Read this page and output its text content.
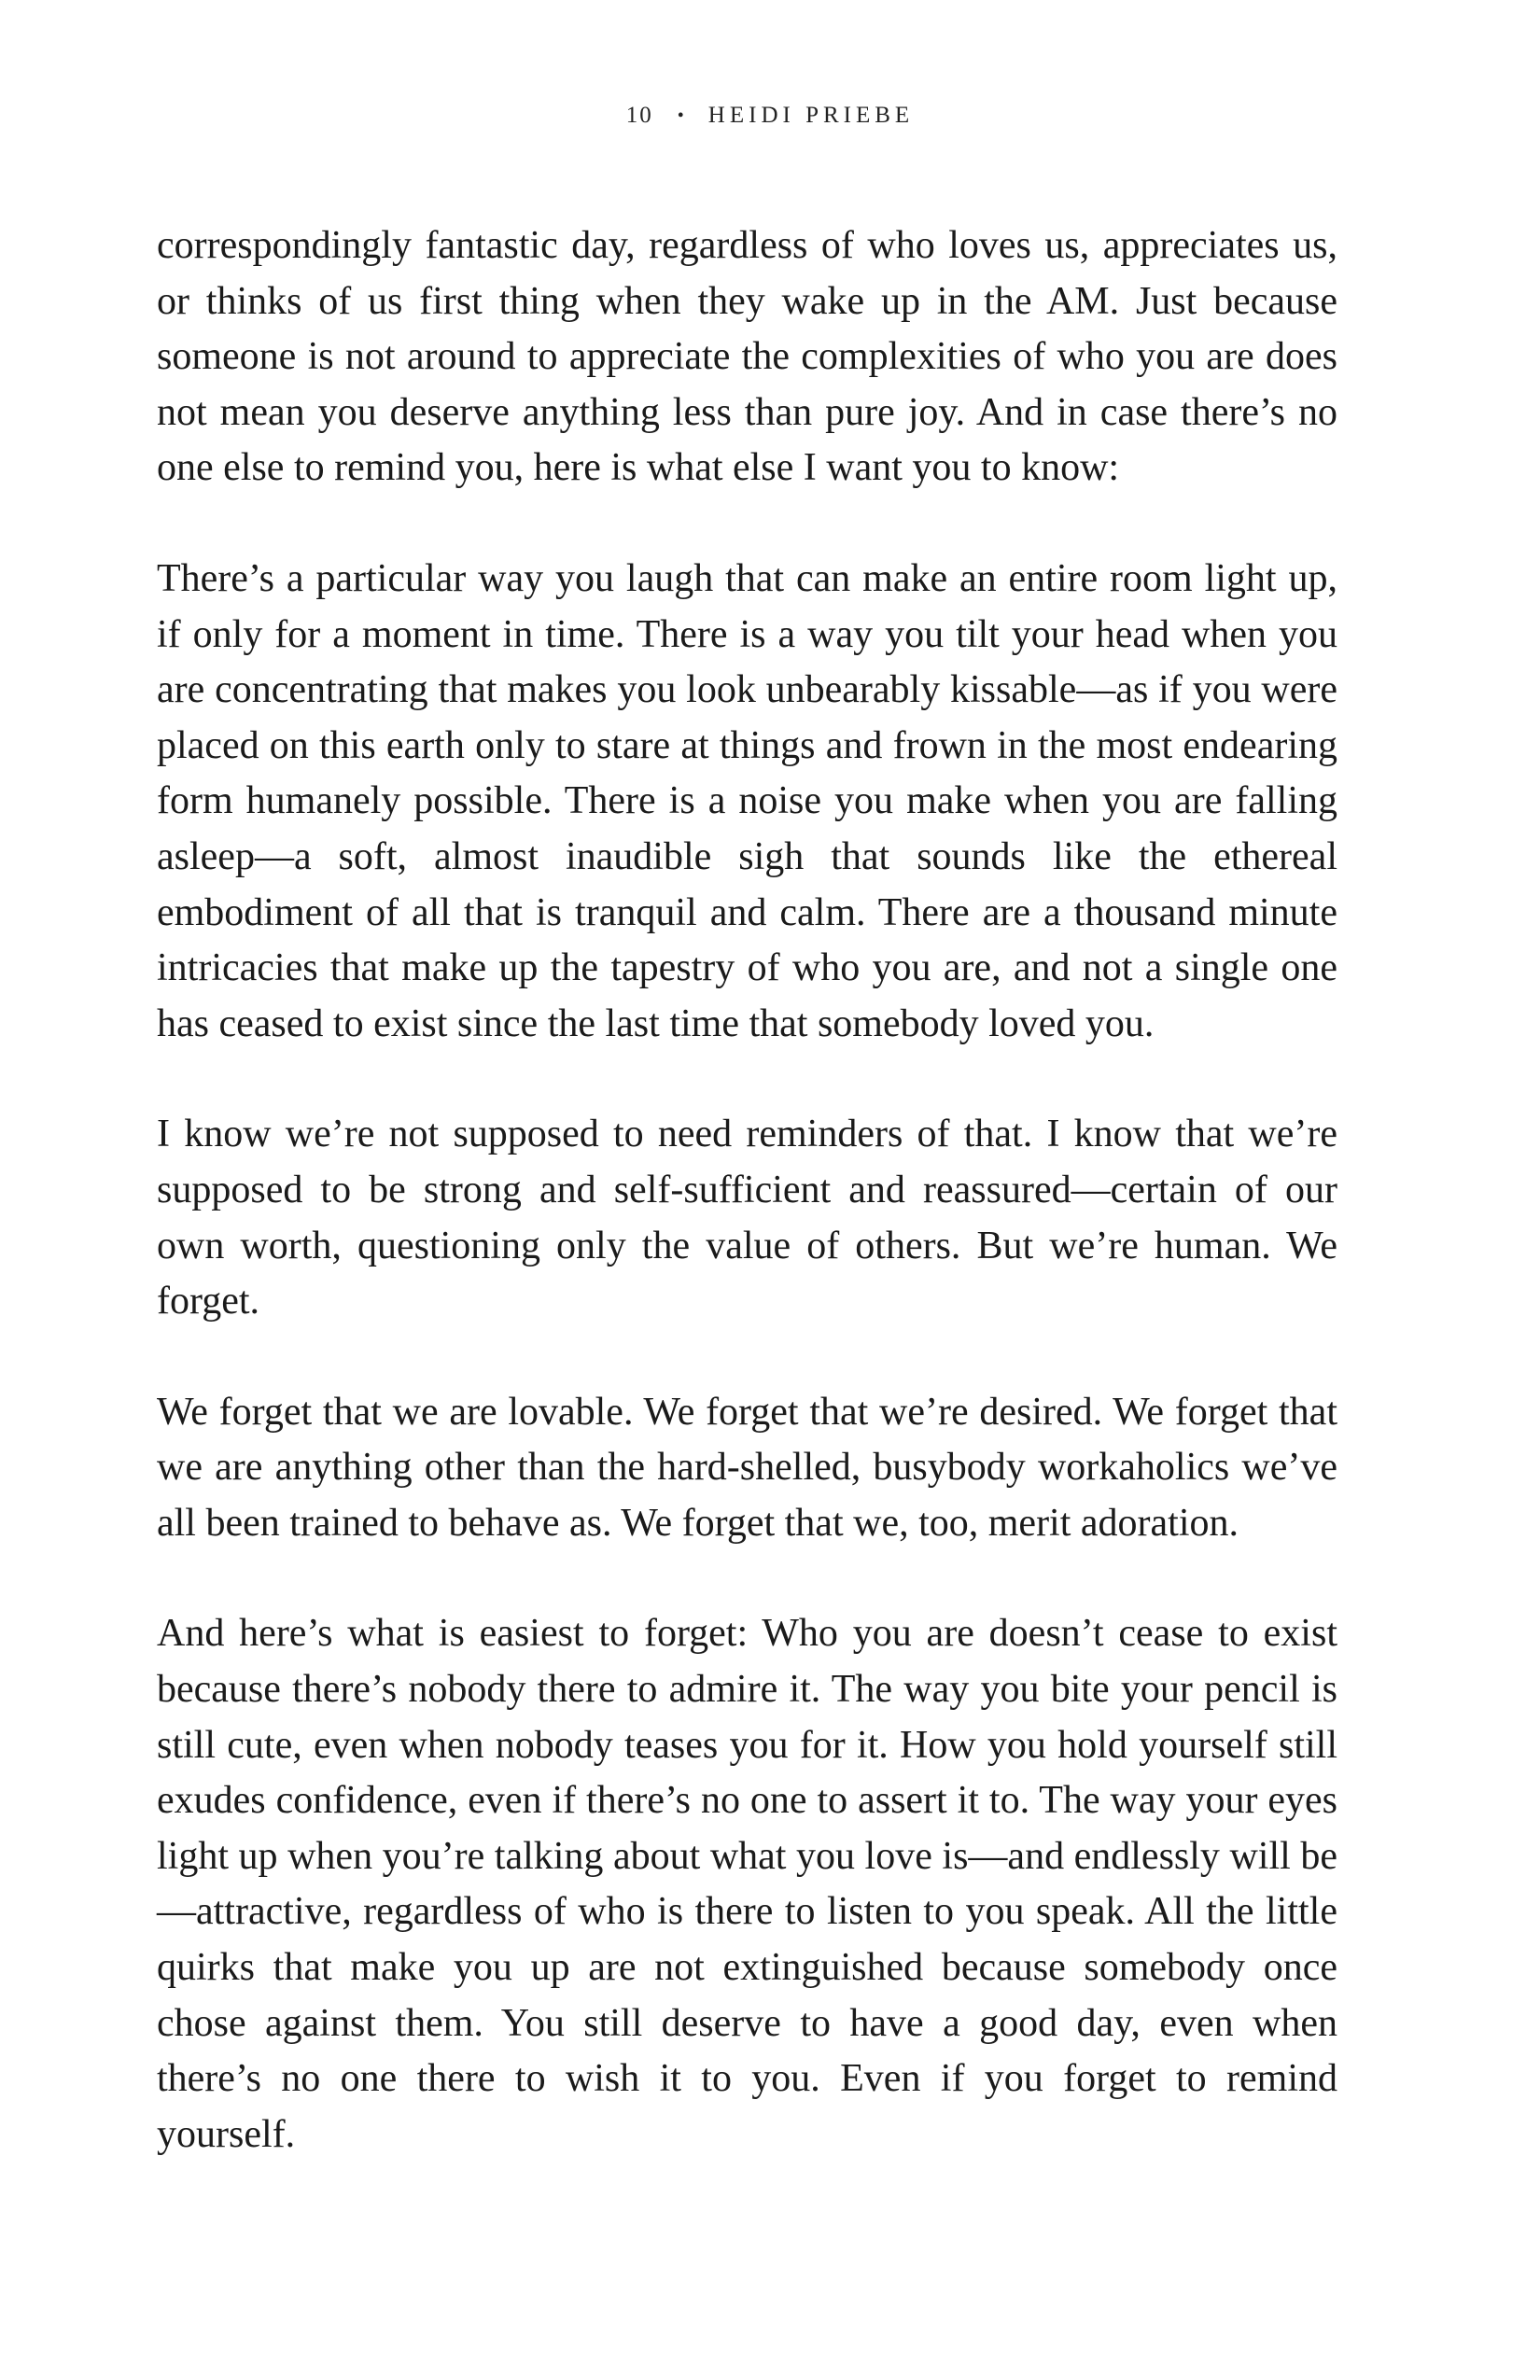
10 • HEIDI PRIEBE

correspondingly fantastic day, regardless of who loves us, appreciates us, or thinks of us first thing when they wake up in the AM. Just because someone is not around to appreciate the complexities of who you are does not mean you deserve anything less than pure joy. And in case there’s no one else to remind you, here is what else I want you to know:

There’s a particular way you laugh that can make an entire room light up, if only for a moment in time. There is a way you tilt your head when you are concentrating that makes you look unbearably kissable—as if you were placed on this earth only to stare at things and frown in the most endearing form humanely possible. There is a noise you make when you are falling asleep—a soft, almost inaudible sigh that sounds like the ethereal embodiment of all that is tranquil and calm. There are a thousand minute intricacies that make up the tapestry of who you are, and not a single one has ceased to exist since the last time that somebody loved you.

I know we’re not supposed to need reminders of that. I know that we’re supposed to be strong and self-sufficient and reassured—certain of our own worth, questioning only the value of others. But we’re human. We forget.

We forget that we are lovable. We forget that we’re desired. We forget that we are anything other than the hard-shelled, busybody workaholics we’ve all been trained to behave as. We forget that we, too, merit adoration.

And here’s what is easiest to forget: Who you are doesn’t cease to exist because there’s nobody there to admire it. The way you bite your pencil is still cute, even when nobody teases you for it. How you hold yourself still exudes confidence, even if there’s no one to assert it to. The way your eyes light up when you’re talking about what you love is—and endlessly will be—attractive, regardless of who is there to listen to you speak. All the little quirks that make you up are not extinguished because somebody once chose against them. You still deserve to have a good day, even when there’s no one there to wish it to you. Even if you forget to remind yourself.
